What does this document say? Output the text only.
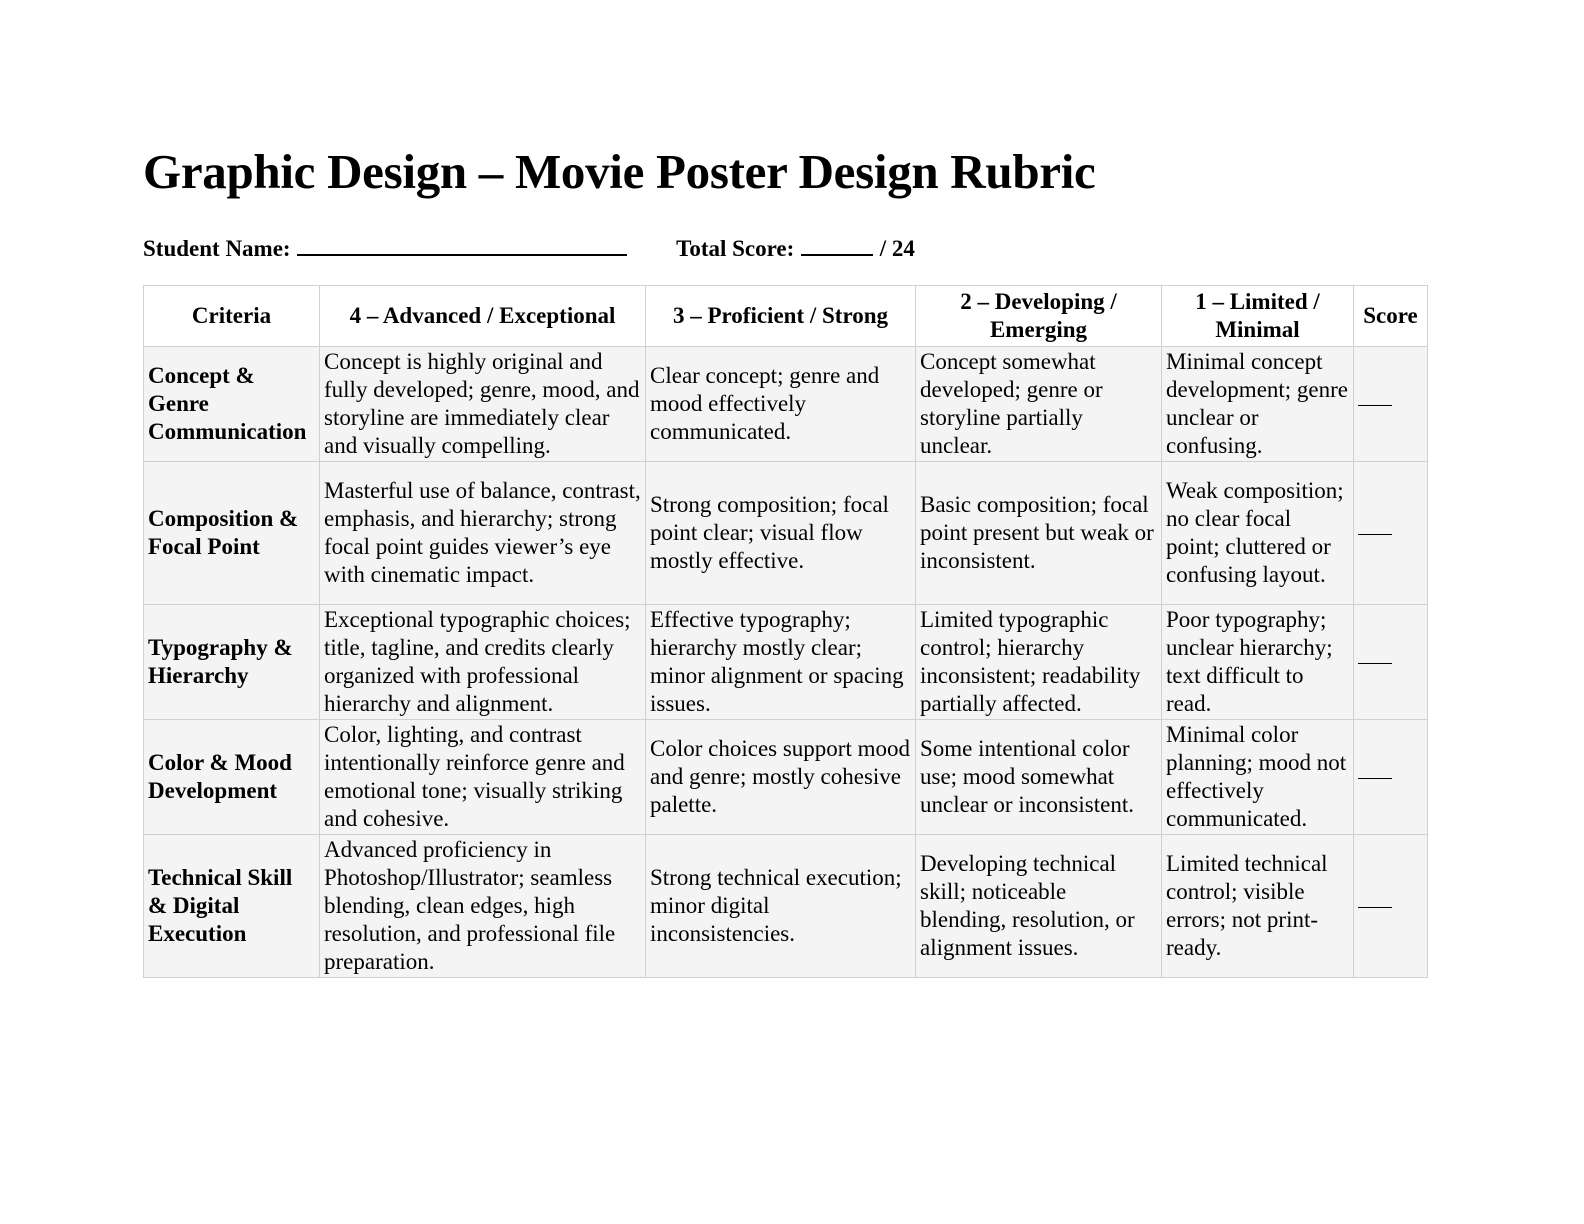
Graphic Design – Movie Poster Design Rubric
Student Name:	Total Score:	/ 24
Criteria	4 – Advanced / Exceptional	3 – Proficient / Strong	2 – Developing / Emerging	1 – Limited / Minimal	Score
Concept & Genre Communication	Concept is highly original and fully developed; genre, mood, and storyline are immediately clear and visually compelling.	Clear concept; genre and mood effectively communicated.	Concept somewhat developed; genre or storyline partially unclear.	Minimal concept development; genre unclear or confusing.	
Composition & Focal Point	Masterful use of balance, contrast, emphasis, and hierarchy; strong focal point guides viewer’s eye with cinematic impact.	Strong composition; focal point clear; visual flow mostly effective.	Basic composition; focal point present but weak or inconsistent.	Weak composition; no clear focal point; cluttered or confusing layout.	
Typography & Hierarchy	Exceptional typographic choices; title, tagline, and credits clearly organized with professional hierarchy and alignment.	Effective typography; hierarchy mostly clear; minor alignment or spacing issues.	Limited typographic control; hierarchy inconsistent; readability partially affected.	Poor typography; unclear hierarchy; text difficult to read.	
Color & Mood Development	Color, lighting, and contrast intentionally reinforce genre and emotional tone; visually striking and cohesive.	Color choices support mood and genre; mostly cohesive palette.	Some intentional color use; mood somewhat unclear or inconsistent.	Minimal color planning; mood not effectively communicated.	
Technical Skill & Digital Execution	Advanced proficiency in Photoshop/Illustrator; seamless blending, clean edges, high resolution, and professional file preparation.	Strong technical execution; minor digital inconsistencies.	Developing technical skill; noticeable blending, resolution, or alignment issues.	Limited technical control; visible errors; not print-ready.	
